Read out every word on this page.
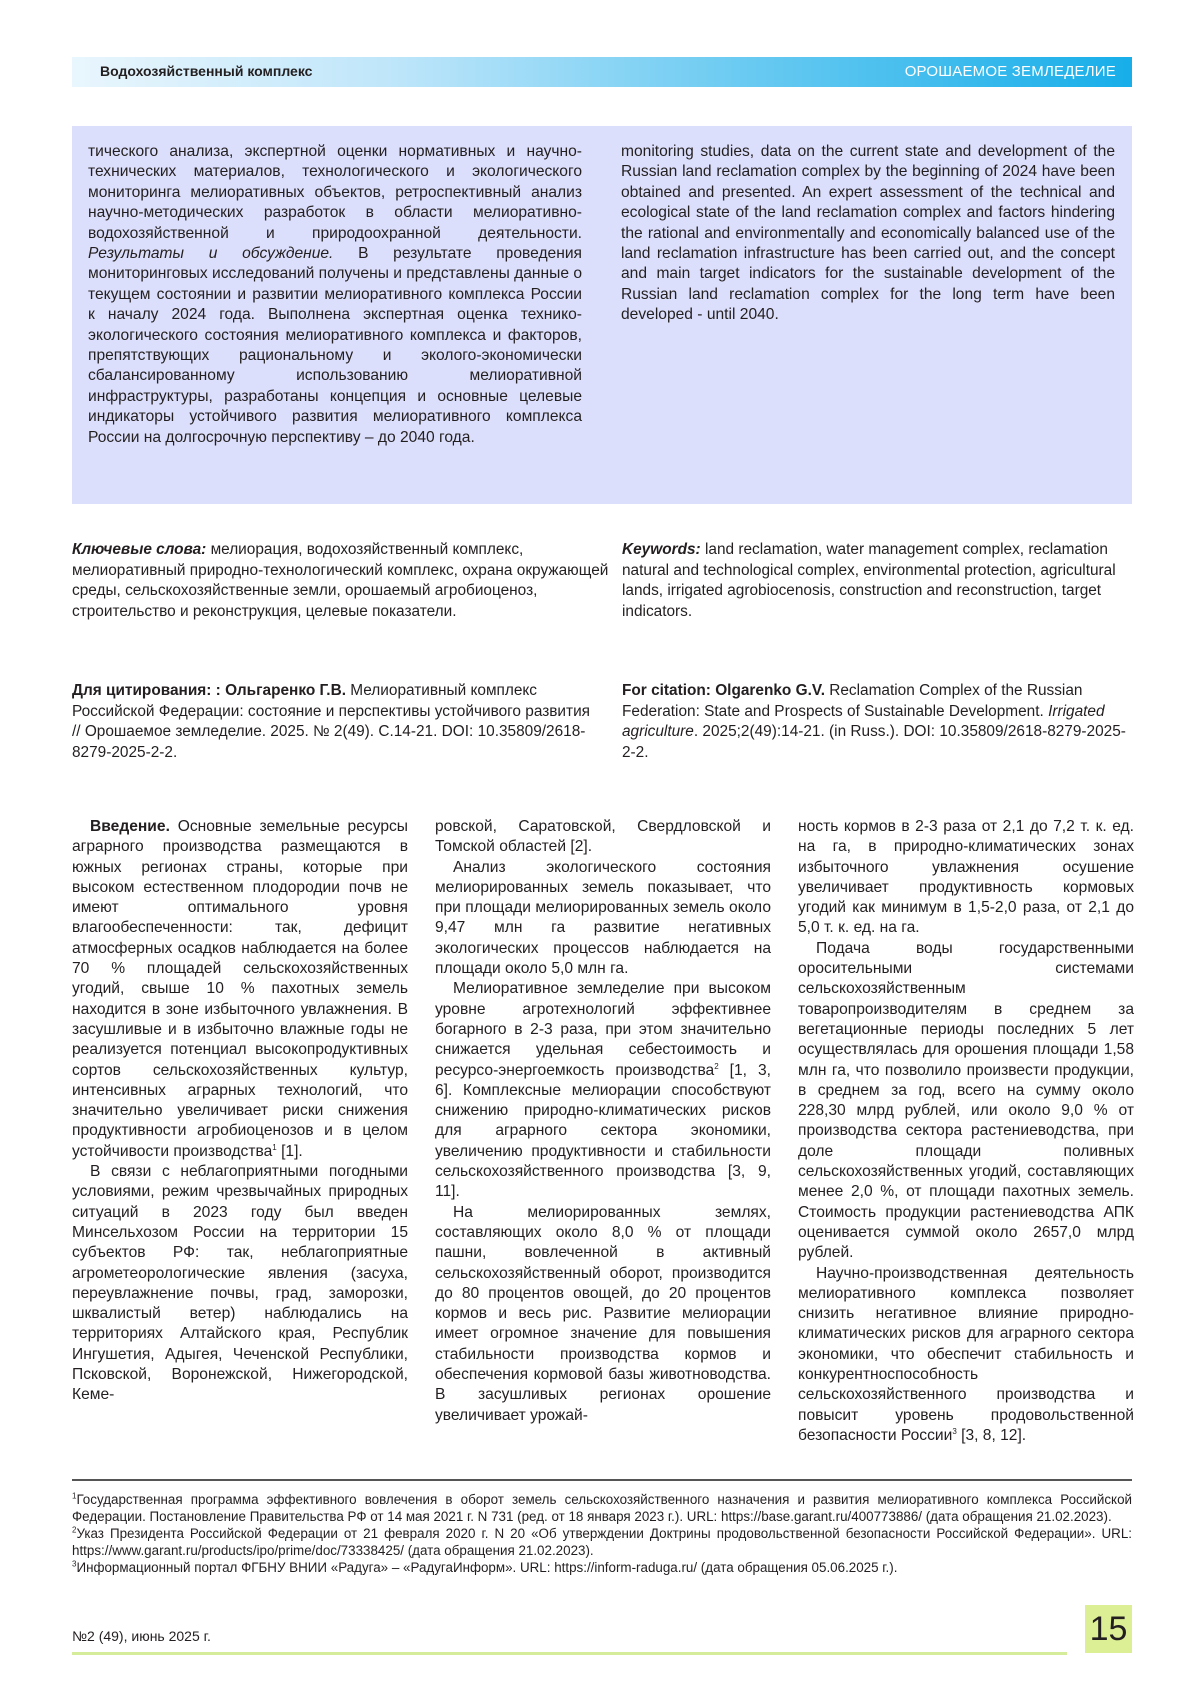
Водохозяйственный комплекс	ОРОШАЕМОЕ ЗЕМЛЕДЕЛИЕ
тического анализа, экспертной оценки нормативных и научно-технических материалов, технологического и экологического мониторинга мелиоративных объектов, ретроспективный анализ научно-методических разработок в области мелиоративно-водохозяйственной и природоохранной деятельности. Результаты и обсуждение. В результате проведения мониторинговых исследований получены и представлены данные о текущем состоянии и развитии мелиоративного комплекса России к началу 2024 года. Выполнена экспертная оценка технико-экологического состояния мелиоративного комплекса и факторов, препятствующих рациональному и эколого-экономически сбалансированному использованию мелиоративной инфраструктуры, разработаны концепция и основные целевые индикаторы устойчивого развития мелиоративного комплекса России на долгосрочную перспективу – до 2040 года.
monitoring studies, data on the current state and development of the Russian land reclamation complex by the beginning of 2024 have been obtained and presented. An expert assessment of the technical and ecological state of the land reclamation complex and factors hindering the rational and environmentally and economically balanced use of the land reclamation infrastructure has been carried out, and the concept and main target indicators for the sustainable development of the Russian land reclamation complex for the long term have been developed - until 2040.
Ключевые слова: мелиорация, водохозяйственный комплекс, мелиоративный природно-технологический комплекс, охрана окружающей среды, сельскохозяйственные земли, орошаемый агробиоценоз, строительство и реконструкция, целевые показатели.
Keywords: land reclamation, water management complex, reclamation natural and technological complex, environmental protection, agricultural lands, irrigated agrobiocenosis, construction and reconstruction, target indicators.
Для цитирования: : Ольгаренко Г.В. Мелиоративный комплекс Российской Федерации: состояние и перспективы устойчивого развития // Орошаемое земледелие. 2025. № 2(49). С.14-21. DOI: 10.35809/2618-8279-2025-2-2.
For citation: Olgarenko G.V. Reclamation Complex of the Russian Federation: State and Prospects of Sustainable Development. Irrigated agriculture. 2025;2(49):14-21. (in Russ.). DOI: 10.35809/2618-8279-2025-2-2.

Введение. Основные земельные ресурсы аграрного производства размещаются в южных регионах страны, которые при высоком естественном плодородии почв не имеют оптимального уровня влагообеспеченности: так, дефицит атмосферных осадков наблюдается на более 70 % площадей сельскохозяйственных угодий, свыше 10 % пахотных земель находится в зоне избыточного увлажнения. В засушливые и в избыточно влажные годы не реализуется потенциал высокопродуктивных сортов сельскохозяйственных культур, интенсивных аграрных технологий, что значительно увеличивает риски снижения продуктивности агробиоценозов и в целом устойчивости производства$^1$ [1].

В связи с неблагоприятными погодными условиями, режим чрезвычайных природных ситуаций в 2023 году был введен Минсельхозом России на территории 15 субъектов РФ: так, неблагоприятные агрометеорологические явления (засуха, переувлажнение почвы, град, заморозки, шквалистый ветер) наблюдались на территориях Алтайского края, Республик Ингушетия, Адыгея, Чеченской Республики, Псковской, Воронежской, Нижегородской, Кеме-

ровской, Саратовской, Свердловской и Томской областей [2].

Анализ экологического состояния мелиорированных земель показывает, что при площади мелиорированных земель около 9,47 млн га развитие негативных экологических процессов наблюдается на площади около 5,0 млн га.

Мелиоративное земледелие при высоком уровне агротехнологий эффективнее богарного в 2-3 раза, при этом значительно снижается удельная себестоимость и ресурсо-энергоемкость производства$^2$ [1, 3, 6]. Комплексные мелиорации способствуют снижению природно-климатических рисков для аграрного сектора экономики, увеличению продуктивности и стабильности сельскохозяйственного производства [3, 9, 11].

На мелиорированных землях, составляющих около 8,0 % от площади пашни, вовлеченной в активный сельскохозяйственный оборот, производится до 80 процентов овощей, до 20 процентов кормов и весь рис. Развитие мелиорации имеет огромное значение для повышения стабильности производства кормов и обеспечения кормовой базы животноводства. В засушливых регионах орошение увеличивает урожай-

ность кормов в 2-3 раза от 2,1 до 7,2 т. к. ед. на га, в природно-климатических зонах избыточного увлажнения осушение увеличивает продуктивность кормовых угодий как минимум в 1,5-2,0 раза, от 2,1 до 5,0 т. к. ед. на га.

Подача воды государственными оросительными системами сельскохозяйственным товаропроизводителям в среднем за вегетационные периоды последних 5 лет осуществлялась для орошения площади 1,58 млн га, что позволило произвести продукции, в среднем за год, всего на сумму около 228,30 млрд рублей, или около 9,0 % от производства сектора растениеводства, при доле площади поливных сельскохозяйственных угодий, составляющих менее 2,0 %, от площади пахотных земель. Стоимость продукции растениеводства АПК оценивается суммой около 2657,0 млрд рублей.

Научно-производственная деятельность мелиоративного комплекса позволяет снизить негативное влияние природно-климатических рисков для аграрного сектора экономики, что обеспечит стабильность и конкурентноспособность сельскохозяйственного производства и повысит уровень продовольственной безопасности России$^3$ [3, 8, 12].

$^1$Государственная программа эффективного вовлечения в оборот земель сельскохозяйственного назначения и развития мелиоративного комплекса Российской Федерации. Постановление Правительства РФ от 14 мая 2021 г. N 731 (ред. от 18 января 2023 г.). URL: https://base.garant.ru/400773886/ (дата обращения 21.02.2023).

$^2$Указ Президента Российской Федерации от 21 февраля 2020 г. N 20 «Об утверждении Доктрины продовольственной безопасности Российской Федерации». URL: https://www.garant.ru/products/ipo/prime/doc/73338425/ (дата обращения 21.02.2023).

$^3$Информационный портал ФГБНУ ВНИИ «Радуга» – «РадугаИнформ». URL: https://inform-raduga.ru/ (дата обращения 05.06.2025 г.).

№2 (49), июнь 2025 г.	15
